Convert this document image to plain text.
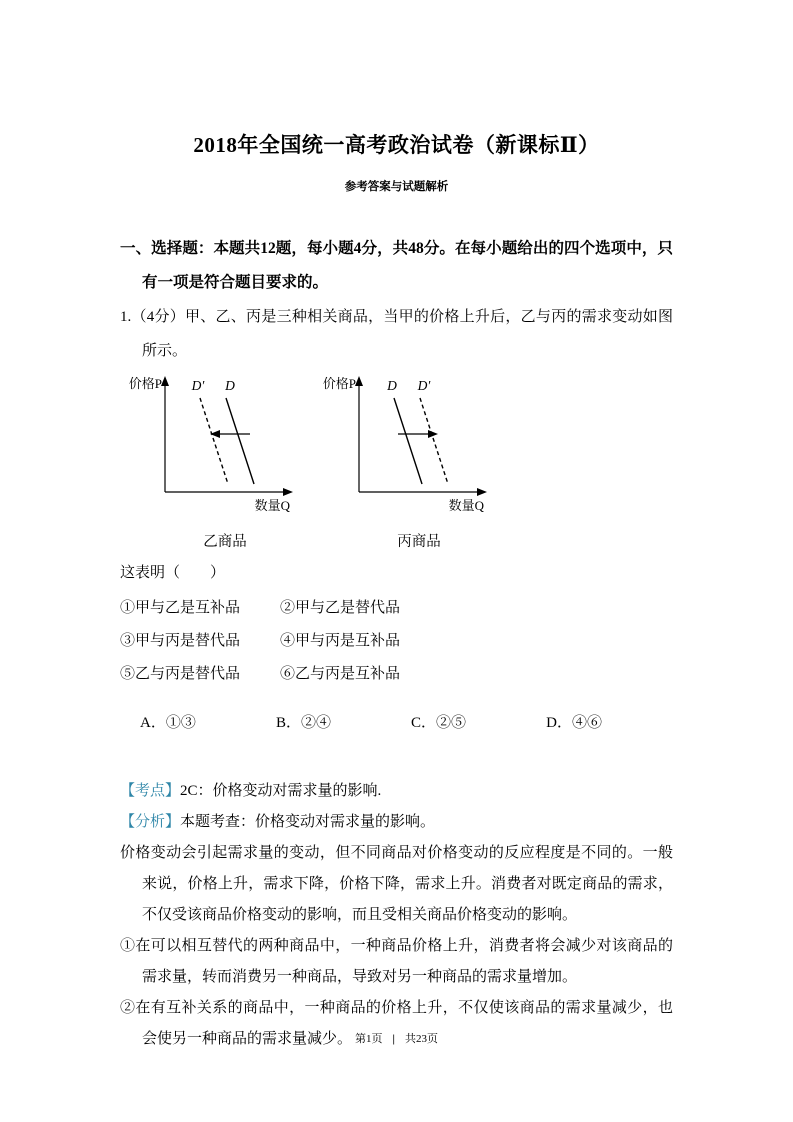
2018年全国统一高考政治试卷（新课标Ⅱ）
参考答案与试题解析
一、选择题：本题共12题，每小题4分，共48分。在每小题给出的四个选项中，只有一项是符合题目要求的。
1.（4分）甲、乙、丙是三种相关商品，当甲的价格上升后，乙与丙的需求变动如图所示。
价格P
数量Q
D′ D
乙商品
价格P
数量Q
D D′
丙商品
这表明（　　）
①甲与乙是互补品	②甲与乙是替代品
③甲与丙是替代品	④甲与丙是互补品
⑤乙与丙是替代品	⑥乙与丙是互补品
A．①③	B．②④	C．②⑤	D．④⑥
【考点】2C：价格变动对需求量的影响.
【分析】本题考查：价格变动对需求量的影响。

价格变动会引起需求量的变动，但不同商品对价格变动的反应程度是不同的。一般来说，价格上升，需求下降，价格下降，需求上升。消费者对既定商品的需求，不仅受该商品价格变动的影响，而且受相关商品价格变动的影响。

①在可以相互替代的两种商品中，一种商品价格上升，消费者将会减少对该商品的需求量，转而消费另一种商品，导致对另一种商品的需求量增加。

②在有互补关系的商品中，一种商品的价格上升，不仅使该商品的需求量减少，也会使另一种商品的需求量减少。 第1页 | 共23页
